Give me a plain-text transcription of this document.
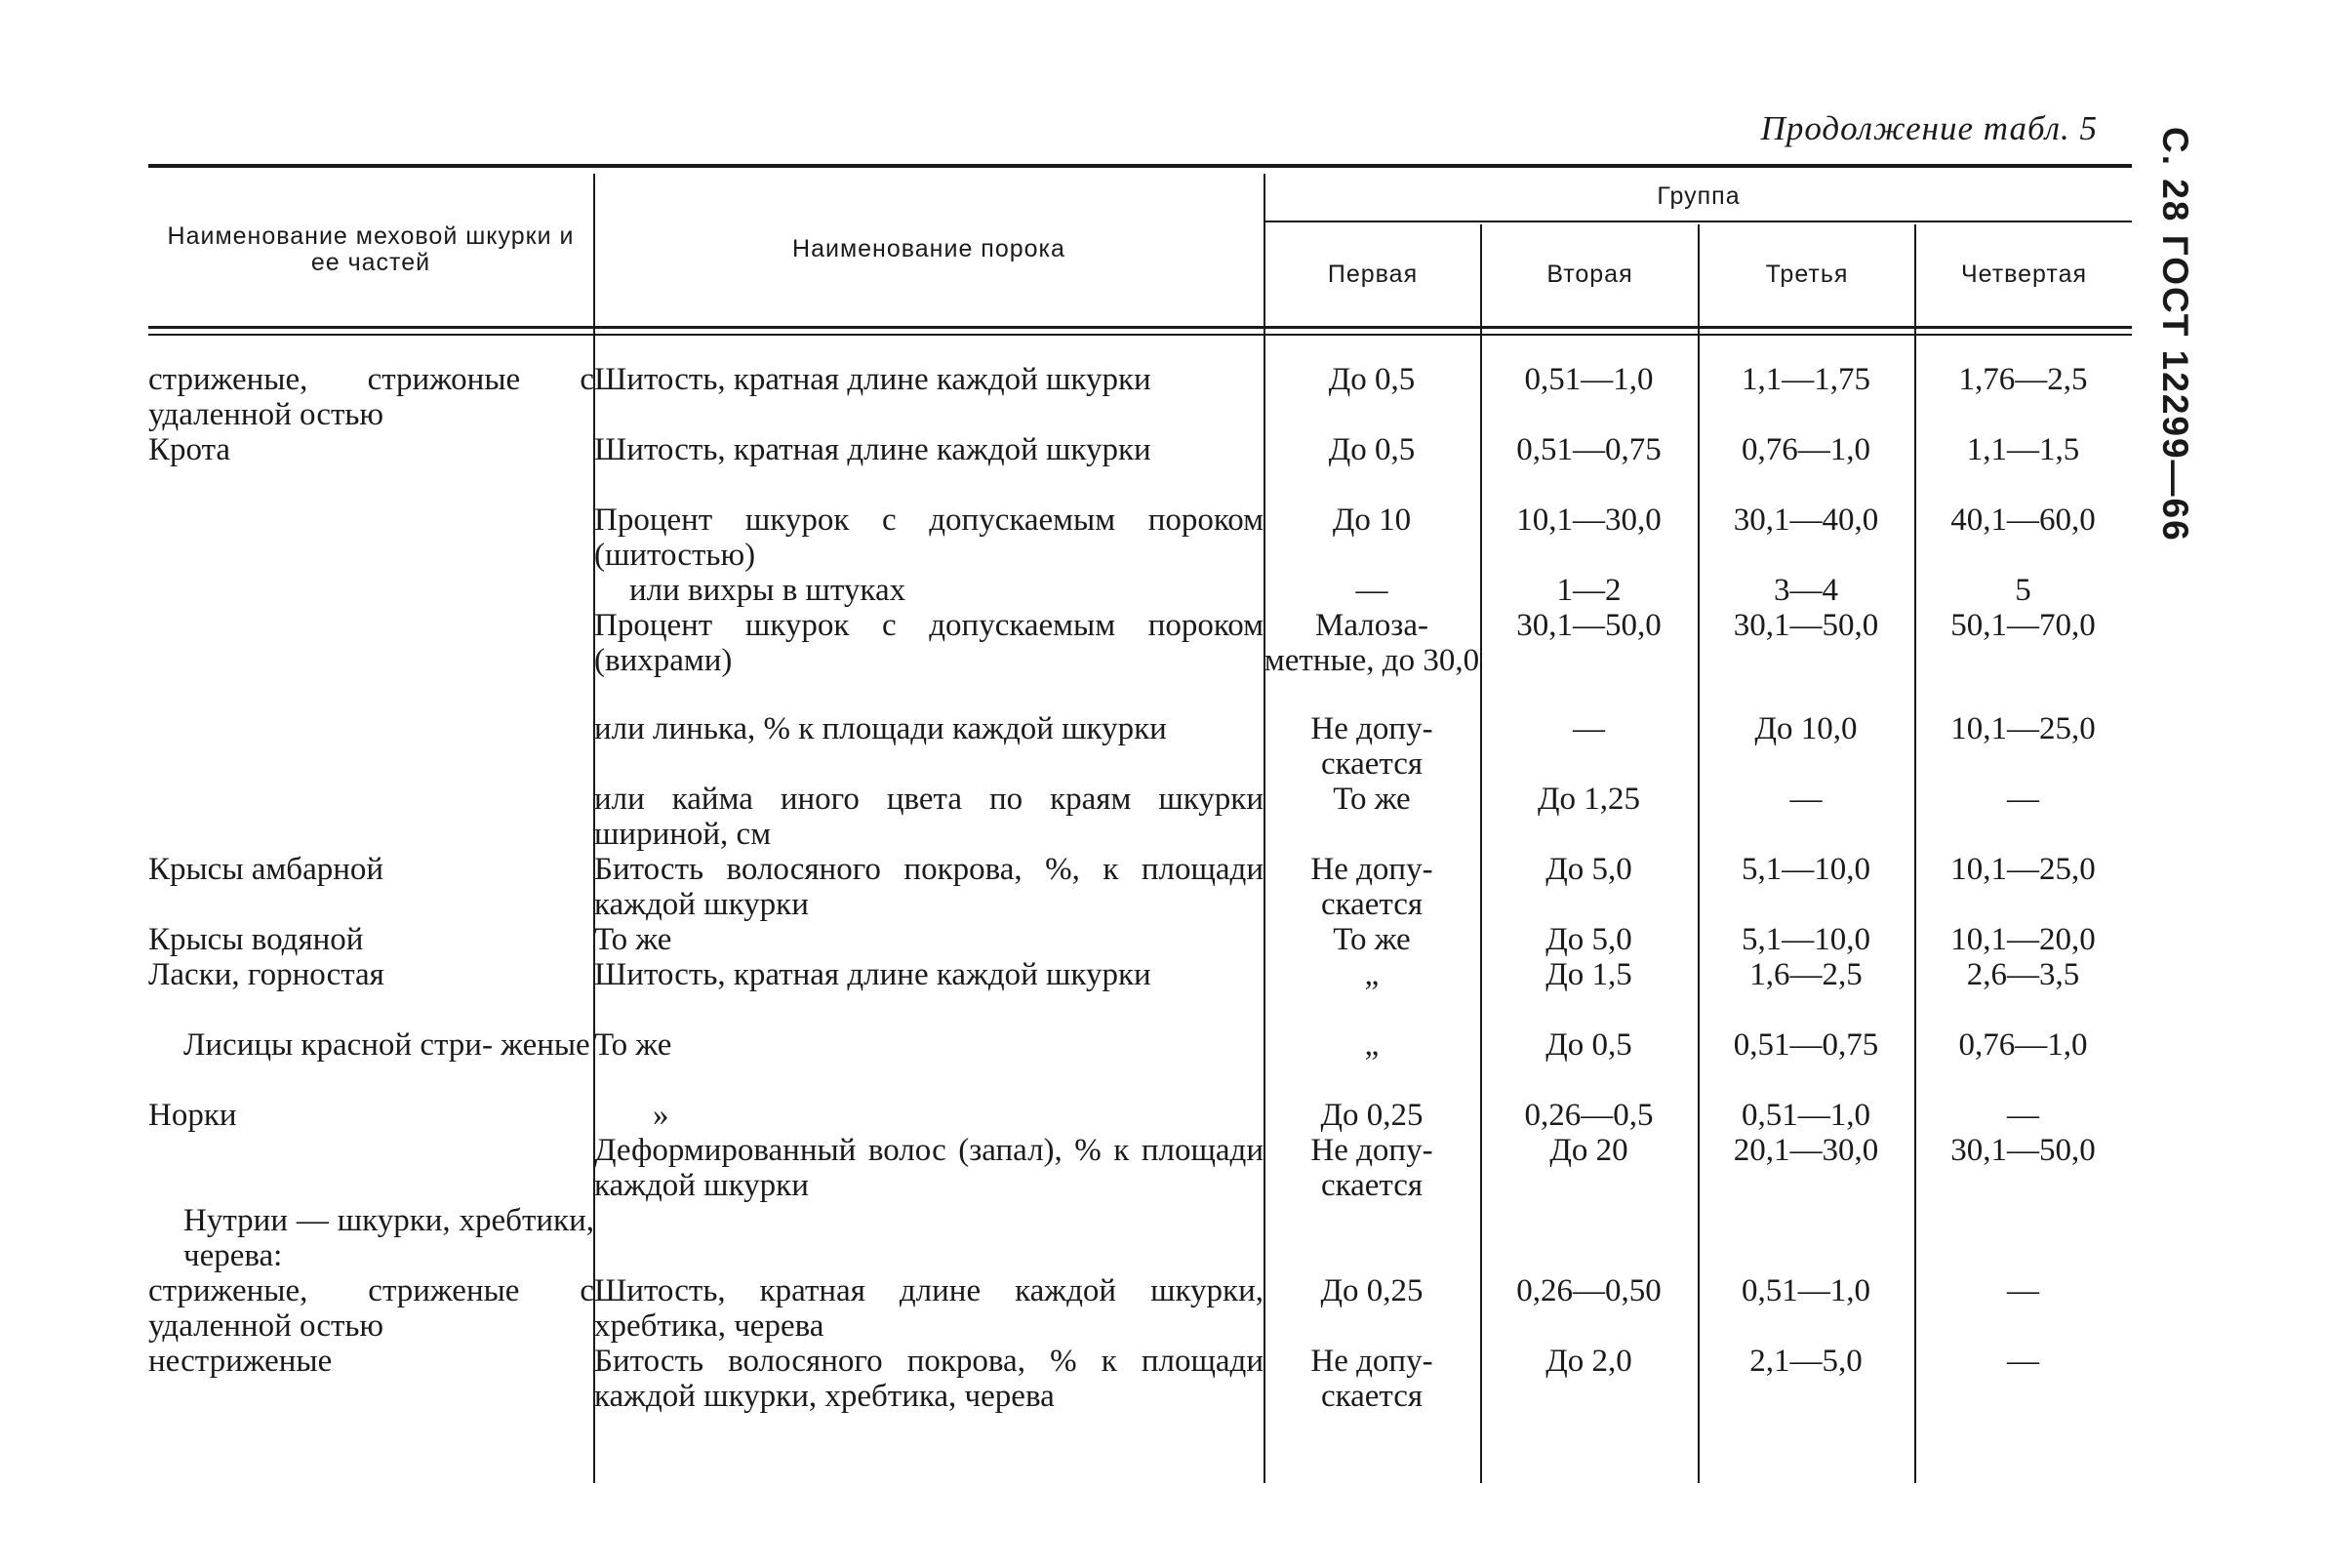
Продолжение табл. 5 С. 28 ГОСТ 12299—66
Наименование меховой шкурки и ее частей	Наименование порока
Группа
Первая	Вторая	Третья	Четвертая
стриженые, стрижоные с удаленной остью	Шитость, кратная длине каждой шкурки	До 0,5	0,51—1,0	1,1—1,75	1,76—2,5
Крота	Шитость, кратная длине каждой шкурки	До 0,5	0,51—0,75	0,76—1,0	1,1—1,5

	Процент шкурок с допускаемым пороком (шитостью)	До 10	10,1—30,0	30,1—40,0	40,1—60,0

	или вихры в штуках	—	1—2	3—4	5

	Процент шкурок с допускаемым пороком (вихрами)	Малоза- метные, до 30,0	30,1—50,0	30,1—50,0	50,1—70,0

	или линька, % к площади каждой шкурки	Не допу- скается	—	До 10,0	10,1—25,0

	или кайма иного цвета по краям шкурки шириной, см	То же	До 1,25	—	—
Крысы амбарной	Битость волосяного покрова, %, к площади каждой шкурки	Не допу- скается	До 5,0	5,1—10,0	10,1—25,0
Крысы водяной	То же	То же	До 5,0	5,1—10,0	10,1—20,0
Ласки, горностая	Шитость, кратная длине каждой шкурки	„	До 1,5	1,6—2,5	2,6—3,5

Лисицы красной стри- женые	То же	„	До 0,5	0,51—0,75	0,76—1,0
Норки	»	До 0,25	0,26—0,5	0,51—1,0	—

	Деформированный волос (запал), % к площади каждой шкурки	Не допу- скается	До 20	20,1—30,0	30,1—50,0

Нутрии — шкурки, хребтики, черева:					

стриженые, стриженые с удаленной остью	Шитость, кратная длине каждой шкурки, хребтика, черева	До 0,25	0,26—0,50	0,51—1,0	—
нестриженые	Битость волосяного покрова, % к площади каждой шкурки, хребтика, черева	Не допу- скается	До 2,0	2,1—5,0	—
